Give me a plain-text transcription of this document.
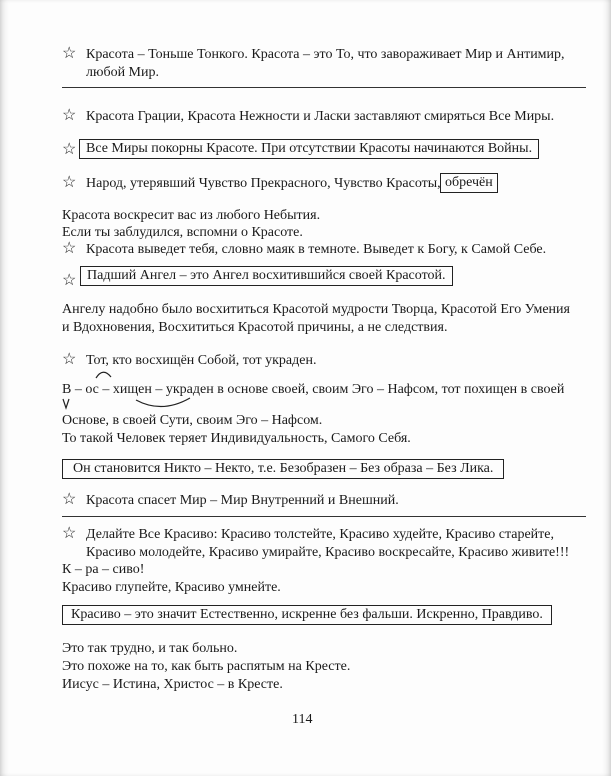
☆ Красота – Тоньше Тонкого. Красота – это То, что завораживает Мир и Антимир,
любой Мир.
☆ Красота Грации, Красота Нежности и Ласки заставляют смиряться Все Миры.
☆ Все Миры покорны Красоте. При отсутствии Красоты начинаются Войны.
☆ Народ, утерявший Чувство Прекрасного, Чувство Красоты, обречён
Красота воскресит вас из любого Небытия.
Если ты заблудился, вспомни о Красоте.
☆ Красота выведет тебя, словно маяк в темноте. Выведет к Богу, к Самой Себе.
☆ Падший Ангел – это Ангел восхитившийся своей Красотой.
Ангелу надобно было восхититься Красотой мудрости Творца, Красотой Его Умения
и Вдохновения, Восхититься Красотой причины, а не следствия.
☆ Тот, кто восхищён Собой, тот украден.
В – ос – хищен – украден в основе своей, своим Эго – Нафсом, тот похищен в своей
Основе, в своей Сути, своим Эго – Нафсом.
То такой Человек теряет Индивидуальность, Самого Себя.
Он становится Никто – Некто, т.е. Безобразен – Без образа – Без Лика.
☆ Красота спасет Мир – Мир Внутренний и Внешний.
☆ Делайте Все Красиво: Красиво толстейте, Красиво худейте, Красиво старейте,
Красиво молодейте, Красиво умирайте, Красиво воскресайте, Красиво живите!!!
К – ра – сиво!
Красиво глупейте, Красиво умнейте.
Красиво – это значит Естественно, искренне без фальши. Искренно, Правдиво.
Это так трудно, и так больно.
Это похоже на то, как быть распятым на Кресте.
Иисус – Истина, Христос – в Кресте.
114
